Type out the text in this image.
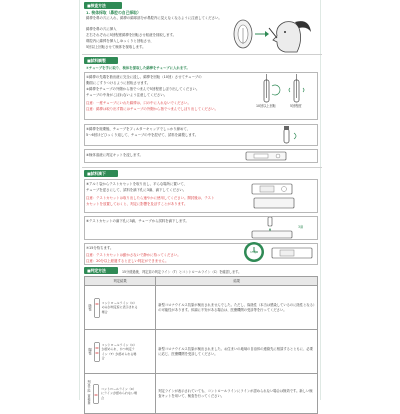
■検査方法
1. 検体採取（鼻腔の自己採取）
綿棒を鼻の穴に入れ、綿棒の綿球部分が鼻腔内に見えなくなるように注意してください。
綿棒を鼻の穴に挿入
左右それぞれに5回程度綿棒を回転させ粘液を採取します。
鼻腔内に綿棒を挿入しゆっくりと回転させ、
5回以上回転させて検体を採取します。
■試料調製
②チューブを手に取り、検体を採取した綿棒をチューブに入れます。
①綿棒の先端を抽出液に完全に浸し、綿棒を回転（10回）させてチューブの
側面にこすりつけるように回転させます。
②綿棒をチューブの外側から指でつまんで5回程度しぼり出してください。
チューブの中身がこぼれないよう注意してください。
注意：一度チューブにいれた綿棒は、口の中に入れないでください。
注意：綿棒は取り出す際にはチューブの外側から指でつまんでしぼり出してください。
10回以上回転	5回程度
③綿棒を廃棄後、チューブをフィルターキャップでしっかり締めて、
5～6回ほどひっくり返して、チューブの中を混ぜて、試料を調製します。
④検体溶液に判定キットを浸します。
■試料滴下
⑤アルミ袋からテストカセットを取り出し、平らな場所に置いて、
チューブを逆さにして、試料を滴下孔に3滴、滴下してください。
注意：テストカセットは取り出したら速やかに使用してください。開封後は、テスト
カセットを放置しておくと、判定に影響を及ぼすことがあります。
⑥テストカセットの滴下孔に3滴、チューブから試料を滴下します。
3滴
⑦15分待ちます。
注意：テストカセットは動かさないで静かに待ってください。
注意：20分以上経過すると正しい判定ができません。
15分
■判定方法	15分経過後、判定窓の判定ライン（T）とコントロールライン（C）を確認します。
判定結果	結果

陰性
コントロールライン（C）のみが判定窓に表示される場合	新型コロナウイルス抗原が検出されませんでした。ただし、偽陰性（本当は感染しているのに陰性となる）の可能性があります。体調に不安がある場合は、医療機関の受診等を行ってください。

陽性
コントロールライン（C）が認められ、かつ判定ライン（T）が認められる場合	新型コロナウイルス抗原が検出されました。お住まいの地域の自治体の連絡先に相談するとともに、必要に応じ、医療機関を受診してください。

判定不能（再検査） コントロールライン（C）にラインが認められない場合	判定ラインが表示されていても、コントロールラインにラインが認められない場合は無効です。新しい検査キットを用いて、検査を行ってください。
